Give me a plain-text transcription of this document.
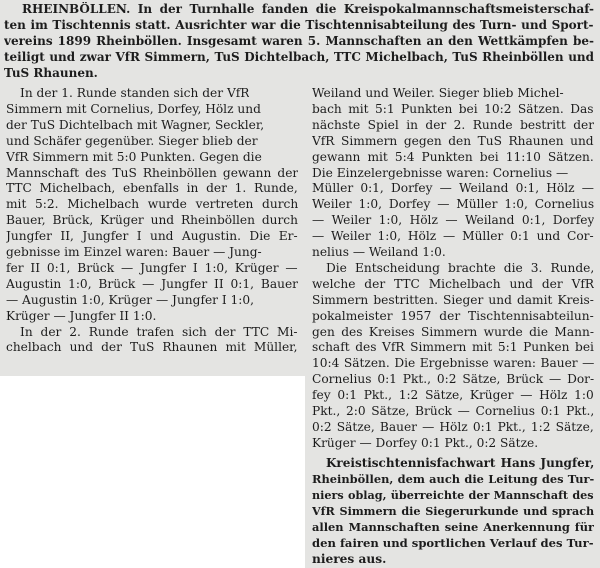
RHEINBÖLLEN. In der Turnhalle fanden die Kreispokalmannschaftsmeisterschaf-
ten im Tischtennis statt. Ausrichter war die Tischtennisabteilung des Turn- und Sport-
vereins 1899 Rheinböllen. Insgesamt waren 5. Mannschaften an den Wettkämpfen be-
teiligt und zwar VfR Simmern, TuS Dichtelbach, TTC Michelbach, TuS Rheinböllen und
TuS Rhaunen.
In der 1. Runde standen sich der VfR
Simmern mit Cornelius, Dorfey, Hölz und
der TuS Dichtelbach mit Wagner, Seckler,
und Schäfer gegenüber. Sieger blieb der
VfR Simmern mit 5:0 Punkten. Gegen die
Mannschaft des TuS Rheinböllen gewann der
TTC Michelbach, ebenfalls in der 1. Runde,
mit 5:2. Michelbach wurde vertreten durch
Bauer, Brück, Krüger und Rheinböllen durch
Jungfer II, Jungfer I und Augustin. Die Er-
gebnisse im Einzel waren: Bauer — Jung-
fer II 0:1, Brück — Jungfer I 1:0, Krüger —
Augustin 1:0, Brück — Jungfer II 0:1, Bauer
— Augustin 1:0, Krüger — Jungfer I 1:0,
Krüger — Jungfer II 1:0.
In der 2. Runde trafen sich der TTC Mi-
chelbach und der TuS Rhaunen mit Müller,
Weiland und Weiler. Sieger blieb Michel-
bach mit 5:1 Punkten bei 10:2 Sätzen. Das
nächste Spiel in der 2. Runde bestritt der
VfR Simmern gegen den TuS Rhaunen und
gewann mit 5:4 Punkten bei 11:10 Sätzen.
Die Einzelergebnisse waren: Cornelius —
Müller 0:1, Dorfey — Weiland 0:1, Hölz —
Weiler 1:0, Dorfey — Müller 1:0, Cornelius
— Weiler 1:0, Hölz — Weiland 0:1, Dorfey
— Weiler 1:0, Hölz — Müller 0:1 und Cor-
nelius — Weiland 1:0.
Die Entscheidung brachte die 3. Runde,
welche der TTC Michelbach und der VfR
Simmern bestritten. Sieger und damit Kreis-
pokalmeister 1957 der Tischtennisabteilun-
gen des Kreises Simmern wurde die Mann-
schaft des VfR Simmern mit 5:1 Punken bei
10:4 Sätzen. Die Ergebnisse waren: Bauer —
Cornelius 0:1 Pkt., 0:2 Sätze, Brück — Dor-
fey 0:1 Pkt., 1:2 Sätze, Krüger — Hölz 1:0
Pkt., 2:0 Sätze, Brück — Cornelius 0:1 Pkt.,
0:2 Sätze, Bauer — Hölz 0:1 Pkt., 1:2 Sätze,
Krüger — Dorfey 0:1 Pkt., 0:2 Sätze.
Kreistischtennisfachwart Hans Jungfer,
Rheinböllen, dem auch die Leitung des Tur-
niers oblag, überreichte der Mannschaft des
VfR Simmern die Siegerurkunde und sprach
allen Mannschaften seine Anerkennung für
den fairen und sportlichen Verlauf des Tur-
nieres aus.
